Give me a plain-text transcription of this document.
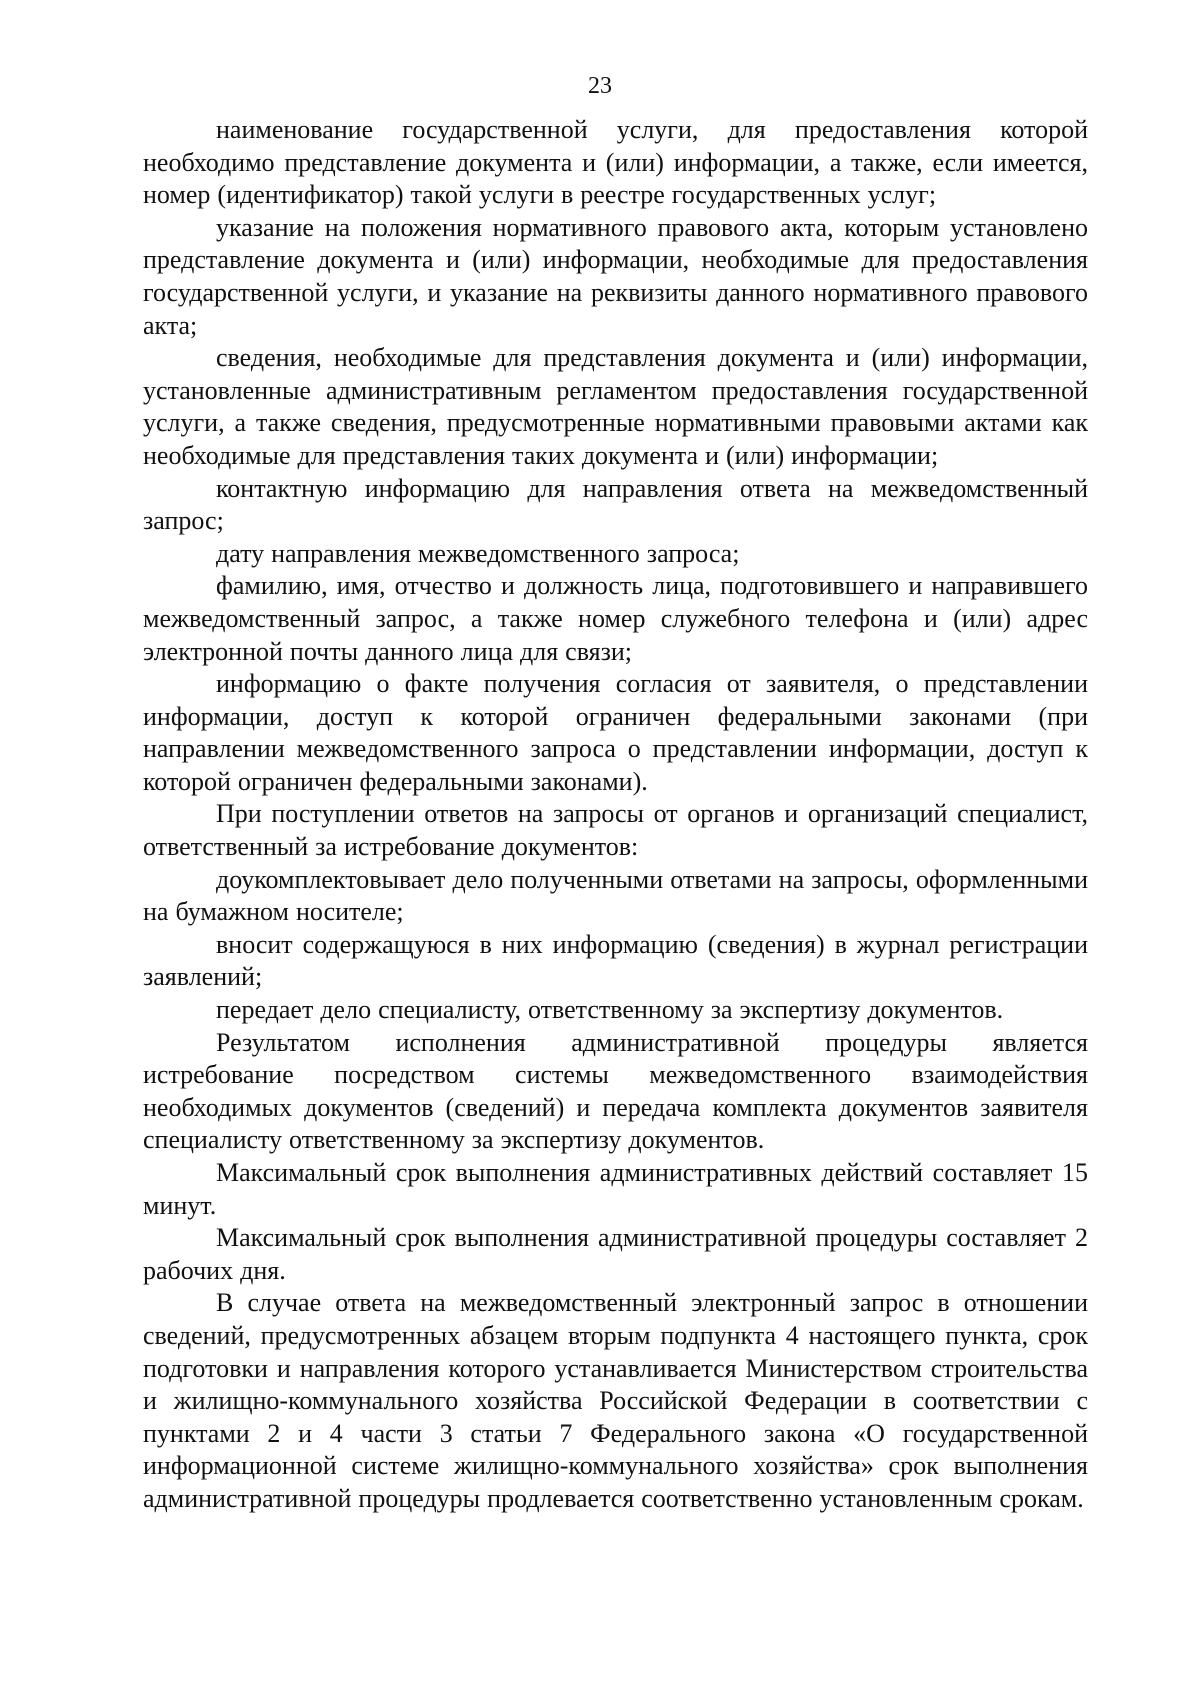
23

наименование государственной услуги, для предоставления которой необходимо представление документа и (или) информации, а также, если имеется, номер (идентификатор) такой услуги в реестре государственных услуг;

указание на положения нормативного правового акта, которым установлено представление документа и (или) информации, необходимые для предоставления государственной услуги, и указание на реквизиты данного нормативного правового акта;

сведения, необходимые для представления документа и (или) информации, установленные административным регламентом предоставления государственной услуги, а также сведения, предусмотренные нормативными правовыми актами как необходимые для представления таких документа и (или) информации;

контактную информацию для направления ответа на межведомственный запрос;

дату направления межведомственного запроса;

фамилию, имя, отчество и должность лица, подготовившего и направившего межведомственный запрос, а также номер служебного телефона и (или) адрес электронной почты данного лица для связи;

информацию о факте получения согласия от заявителя, о представлении информации, доступ к которой ограничен федеральными законами (при направлении межведомственного запроса о представлении информации, доступ к которой ограничен федеральными законами).

При поступлении ответов на запросы от органов и организаций специалист, ответственный за истребование документов:

доукомплектовывает дело полученными ответами на запросы, оформленными на бумажном носителе;

вносит содержащуюся в них информацию (сведения) в журнал регистрации заявлений;

передает дело специалисту, ответственному за экспертизу документов.

Результатом исполнения административной процедуры является истребование посредством системы межведомственного взаимодействия необходимых документов (сведений) и передача комплекта документов заявителя специалисту ответственному за экспертизу документов.

Максимальный срок выполнения административных действий составляет 15 минут.

Максимальный срок выполнения административной процедуры составляет 2 рабочих дня.

В случае ответа на межведомственный электронный запрос в отношении сведений, предусмотренных абзацем вторым подпункта 4 настоящего пункта, срок подготовки и направления которого устанавливается Министерством строительства и жилищно-коммунального хозяйства Российской Федерации в соответствии с пунктами 2 и 4 части 3 статьи 7 Федерального закона «О государственной информационной системе жилищно-коммунального хозяйства» срок выполнения административной процедуры продлевается соответственно установленным срокам.
